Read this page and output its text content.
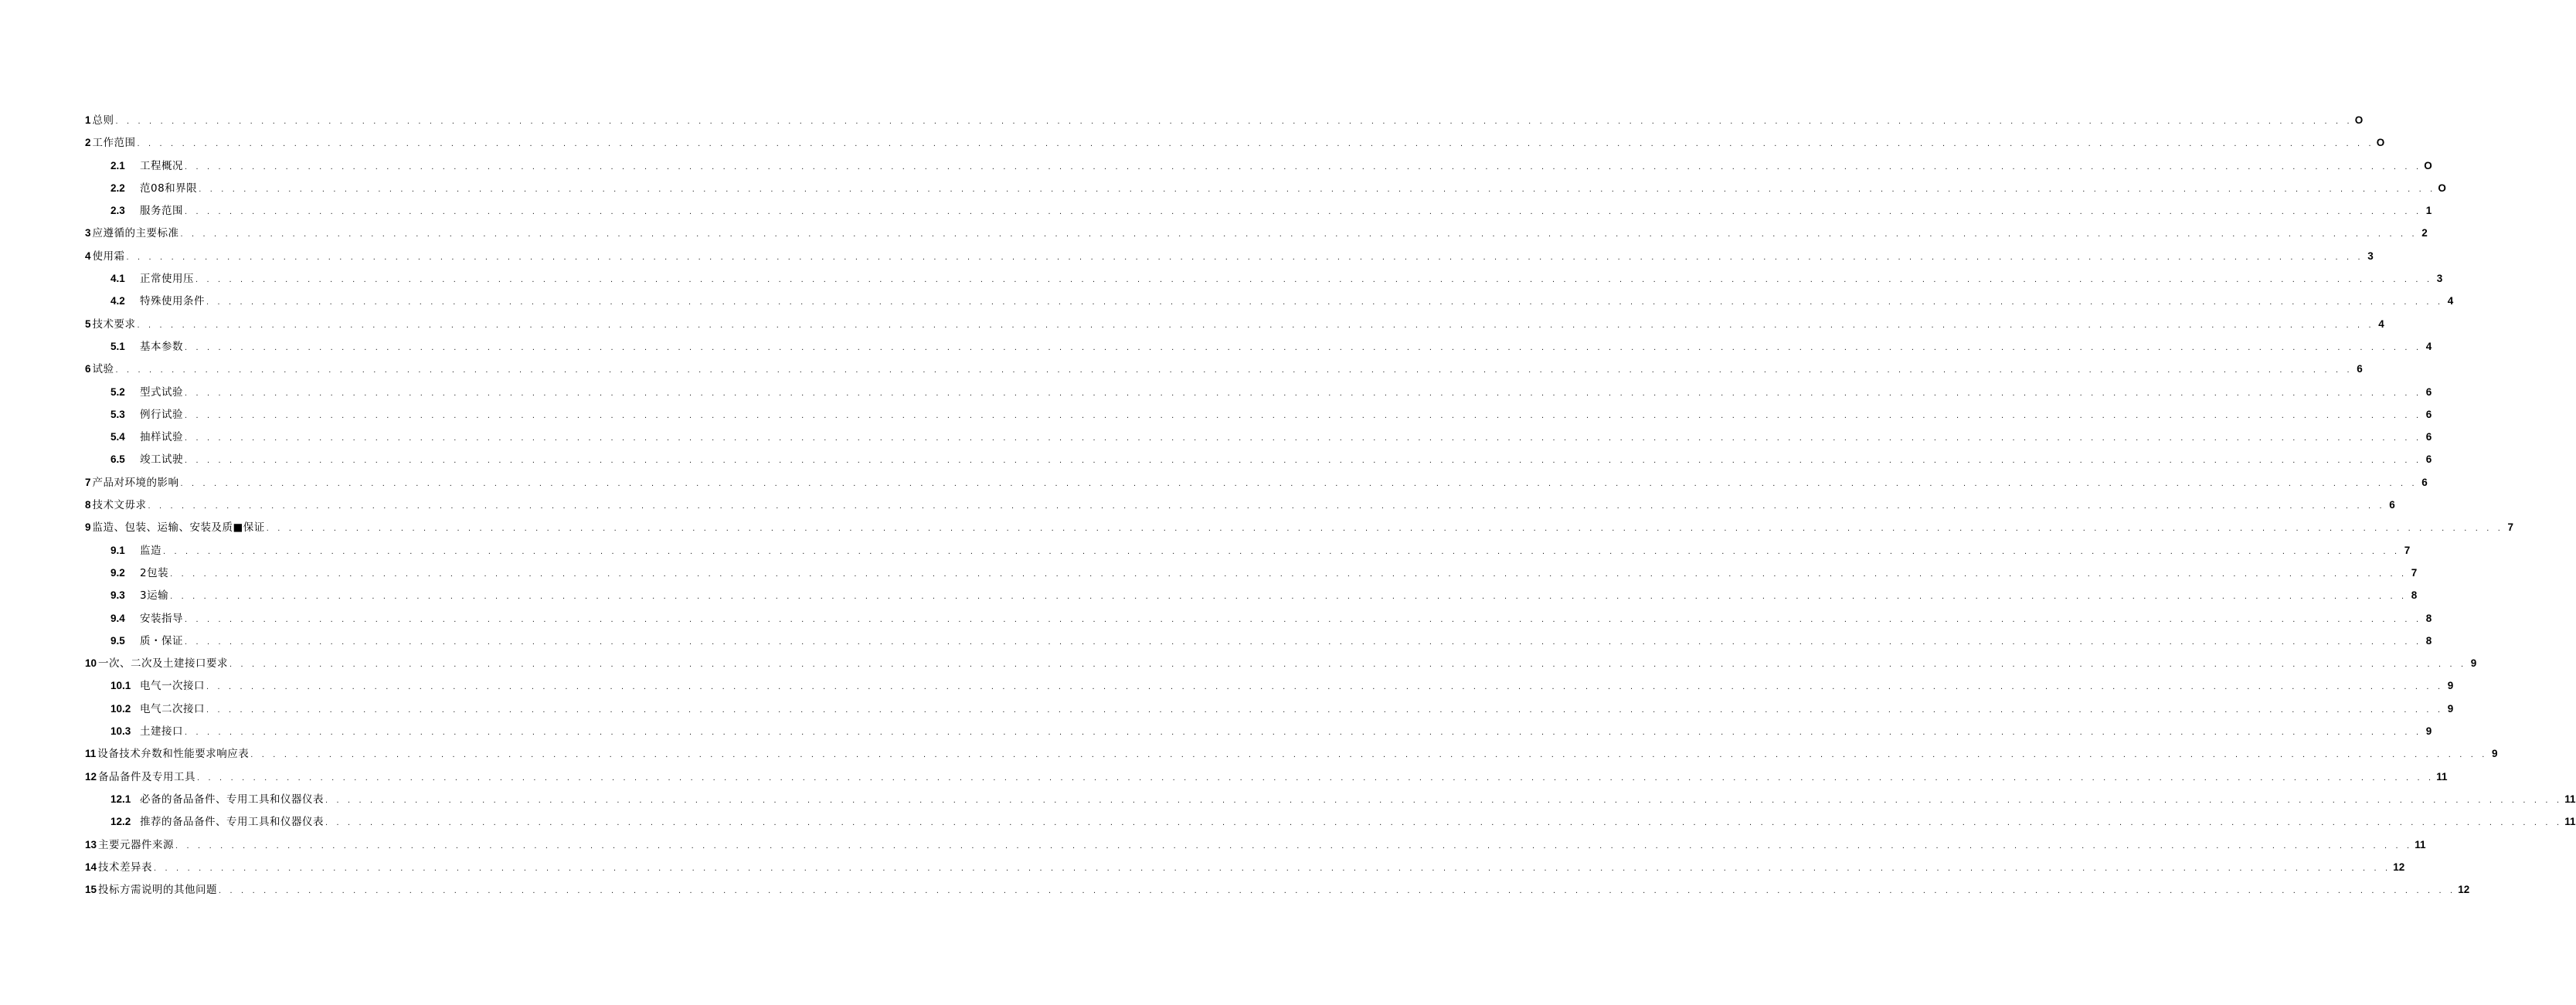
1 总则 . . . . . . . . . . . . . . . . . . . . . . . . . . . . . . . . . . . . . . . . . . . . . . . . . . . . . . . . . . . . . . . . . . . . . . . . . . . . . . . . . . . . . . . . . . . . . . . . . . . . . . . . . . . . . . . . . . . . . . . . . . . . . . . . . . . . . . . . . . . . . . . . . . . . . . . . . . . . . . . . . . . . . . . . . . . . . . . . . . . . . . . . . . . . . . . . . . . . . . . . O
2 工作范围 . . . . . . . . . . . . . . . . . . . . . . . . . . . . . . . . . . . . . . . . . . . . . . . . . . . . . . . . . . . . . . . . . . . . . . . . . . . . . . . . . . . . . . . . . . . . . . . . . . . . . . . . . . . . . . . . . . . . . . . . . . . . . . . . . . . . . . . . . . . . . . . . . . . . . . . . . . . . . . . . . . . . . . . . . . . . . . . . . . . . . . . . . . . . . . . . . . . . . . . . O
2.1	工程概况 . . . . . . . . . . . . . . . . . . . . . . . . . . . . . . . . . . . . . . . . . . . . . . . . . . . . . . . . . . . . . . . . . . . . . . . . . . . . . . . . . . . . . . . . . . . . . . . . . . . . . . . . . . . . . . . . . . . . . . . . . . . . . . . . . . . . . . . . . . . . . . . . . . . . . . . . . . . . . . . . . . . . . . . . . . . . . . . . . . . . . . . . . . . . . . . . . . . . . . . . O
2.2	范08和界限 . . . . . . . . . . . . . . . . . . . . . . . . . . . . . . . . . . . . . . . . . . . . . . . . . . . . . . . . . . . . . . . . . . . . . . . . . . . . . . . . . . . . . . . . . . . . . . . . . . . . . . . . . . . . . . . . . . . . . . . . . . . . . . . . . . . . . . . . . . . . . . . . . . . . . . . . . . . . . . . . . . . . . . . . . . . . . . . . . . . . . . . . . . . . . . . . . . . . . . . . O
2.3	服务范围 . . . . . . . . . . . . . . . . . . . . . . . . . . . . . . . . . . . . . . . . . . . . . . . . . . . . . . . . . . . . . . . . . . . . . . . . . . . . . . . . . . . . . . . . . . . . . . . . . . . . . . . . . . . . . . . . . . . . . . . . . . . . . . . . . . . . . . . . . . . . . . . . . . . . . . . . . . . . . . . . . . . . . . . . . . . . . . . . . . . . . . . . . . . . . . . . . . . . . . . . 1
3 应遵循的主要标准 . . . . . . . . . . . . . . . . . . . . . . . . . . . . . . . . . . . . . . . . . . . . . . . . . . . . . . . . . . . . . . . . . . . . . . . . . . . . . . . . . . . . . . . . . . . . . . . . . . . . . . . . . . . . . . . . . . . . . . . . . . . . . . . . . . . . . . . . . . . . . . . . . . . . . . . . . . . . . . . . . . . . . . . . . . . . . . . . . . . . . . . . . . . . . . . . . . . . . . . . 2
4 使用霜 . . . . . . . . . . . . . . . . . . . . . . . . . . . . . . . . . . . . . . . . . . . . . . . . . . . . . . . . . . . . . . . . . . . . . . . . . . . . . . . . . . . . . . . . . . . . . . . . . . . . . . . . . . . . . . . . . . . . . . . . . . . . . . . . . . . . . . . . . . . . . . . . . . . . . . . . . . . . . . . . . . . . . . . . . . . . . . . . . . . . . . . . . . . . . . . . . . . . . . . . 3
4.1	正常使用压 . . . . . . . . . . . . . . . . . . . . . . . . . . . . . . . . . . . . . . . . . . . . . . . . . . . . . . . . . . . . . . . . . . . . . . . . . . . . . . . . . . . . . . . . . . . . . . . . . . . . . . . . . . . . . . . . . . . . . . . . . . . . . . . . . . . . . . . . . . . . . . . . . . . . . . . . . . . . . . . . . . . . . . . . . . . . . . . . . . . . . . . . . . . . . . . . . . . . . . . . 3
4.2	特殊使用条件 . . . . . . . . . . . . . . . . . . . . . . . . . . . . . . . . . . . . . . . . . . . . . . . . . . . . . . . . . . . . . . . . . . . . . . . . . . . . . . . . . . . . . . . . . . . . . . . . . . . . . . . . . . . . . . . . . . . . . . . . . . . . . . . . . . . . . . . . . . . . . . . . . . . . . . . . . . . . . . . . . . . . . . . . . . . . . . . . . . . . . . . . . . . . . . . . . . . . . . . . 4
5 技术要求 . . . . . . . . . . . . . . . . . . . . . . . . . . . . . . . . . . . . . . . . . . . . . . . . . . . . . . . . . . . . . . . . . . . . . . . . . . . . . . . . . . . . . . . . . . . . . . . . . . . . . . . . . . . . . . . . . . . . . . . . . . . . . . . . . . . . . . . . . . . . . . . . . . . . . . . . . . . . . . . . . . . . . . . . . . . . . . . . . . . . . . . . . . . . . . . . . . . . . . . . 4
5.1	基本参数 . . . . . . . . . . . . . . . . . . . . . . . . . . . . . . . . . . . . . . . . . . . . . . . . . . . . . . . . . . . . . . . . . . . . . . . . . . . . . . . . . . . . . . . . . . . . . . . . . . . . . . . . . . . . . . . . . . . . . . . . . . . . . . . . . . . . . . . . . . . . . . . . . . . . . . . . . . . . . . . . . . . . . . . . . . . . . . . . . . . . . . . . . . . . . . . . . . . . . . . . 4
6 试验 . . . . . . . . . . . . . . . . . . . . . . . . . . . . . . . . . . . . . . . . . . . . . . . . . . . . . . . . . . . . . . . . . . . . . . . . . . . . . . . . . . . . . . . . . . . . . . . . . . . . . . . . . . . . . . . . . . . . . . . . . . . . . . . . . . . . . . . . . . . . . . . . . . . . . . . . . . . . . . . . . . . . . . . . . . . . . . . . . . . . . . . . . . . . . . . . . . . . . . . . 6
5.2	型式试验 . . . . . . . . . . . . . . . . . . . . . . . . . . . . . . . . . . . . . . . . . . . . . . . . . . . . . . . . . . . . . . . . . . . . . . . . . . . . . . . . . . . . . . . . . . . . . . . . . . . . . . . . . . . . . . . . . . . . . . . . . . . . . . . . . . . . . . . . . . . . . . . . . . . . . . . . . . . . . . . . . . . . . . . . . . . . . . . . . . . . . . . . . . . . . . . . . . . . . . . . 6
5.3	例行试验 . . . . . . . . . . . . . . . . . . . . . . . . . . . . . . . . . . . . . . . . . . . . . . . . . . . . . . . . . . . . . . . . . . . . . . . . . . . . . . . . . . . . . . . . . . . . . . . . . . . . . . . . . . . . . . . . . . . . . . . . . . . . . . . . . . . . . . . . . . . . . . . . . . . . . . . . . . . . . . . . . . . . . . . . . . . . . . . . . . . . . . . . . . . . . . . . . . . . . . . . 6
5.4	抽样试验 . . . . . . . . . . . . . . . . . . . . . . . . . . . . . . . . . . . . . . . . . . . . . . . . . . . . . . . . . . . . . . . . . . . . . . . . . . . . . . . . . . . . . . . . . . . . . . . . . . . . . . . . . . . . . . . . . . . . . . . . . . . . . . . . . . . . . . . . . . . . . . . . . . . . . . . . . . . . . . . . . . . . . . . . . . . . . . . . . . . . . . . . . . . . . . . . . . . . . . . . 6
6.5	竣工试驶 . . . . . . . . . . . . . . . . . . . . . . . . . . . . . . . . . . . . . . . . . . . . . . . . . . . . . . . . . . . . . . . . . . . . . . . . . . . . . . . . . . . . . . . . . . . . . . . . . . . . . . . . . . . . . . . . . . . . . . . . . . . . . . . . . . . . . . . . . . . . . . . . . . . . . . . . . . . . . . . . . . . . . . . . . . . . . . . . . . . . . . . . . . . . . . . . . . . . . . . . 6
7 产品对环境的影响 . . . . . . . . . . . . . . . . . . . . . . . . . . . . . . . . . . . . . . . . . . . . . . . . . . . . . . . . . . . . . . . . . . . . . . . . . . . . . . . . . . . . . . . . . . . . . . . . . . . . . . . . . . . . . . . . . . . . . . . . . . . . . . . . . . . . . . . . . . . . . . . . . . . . . . . . . . . . . . . . . . . . . . . . . . . . . . . . . . . . . . . . . . . . . . . . . . . . . . . . 6
8 技术文毋求 . . . . . . . . . . . . . . . . . . . . . . . . . . . . . . . . . . . . . . . . . . . . . . . . . . . . . . . . . . . . . . . . . . . . . . . . . . . . . . . . . . . . . . . . . . . . . . . . . . . . . . . . . . . . . . . . . . . . . . . . . . . . . . . . . . . . . . . . . . . . . . . . . . . . . . . . . . . . . . . . . . . . . . . . . . . . . . . . . . . . . . . . . . . . . . . . . . . . . . . . 6
9 监造、包装、运输、安装及质■保证 . . . . . . . . . . . . . . . . . . . . . . . . . . . . . . . . . . . . . . . . . . . . . . . . . . . . . . . . . . . . . . . . . . . . . . . . . . . . . . . . . . . . . . . . . . . . . . . . . . . . . . . . . . . . . . . . . . . . . . . . . . . . . . . . . . . . . . . . . . . . . . . . . . . . . . . . . . . . . . . . . . . . . . . . . . . . . . . . . . . . . . . . . . . . . . . . . . . . . . . . 7
9.1	监造 . . . . . . . . . . . . . . . . . . . . . . . . . . . . . . . . . . . . . . . . . . . . . . . . . . . . . . . . . . . . . . . . . . . . . . . . . . . . . . . . . . . . . . . . . . . . . . . . . . . . . . . . . . . . . . . . . . . . . . . . . . . . . . . . . . . . . . . . . . . . . . . . . . . . . . . . . . . . . . . . . . . . . . . . . . . . . . . . . . . . . . . . . . . . . . . . . . . . . . . . 7
9.2	2包装 . . . . . . . . . . . . . . . . . . . . . . . . . . . . . . . . . . . . . . . . . . . . . . . . . . . . . . . . . . . . . . . . . . . . . . . . . . . . . . . . . . . . . . . . . . . . . . . . . . . . . . . . . . . . . . . . . . . . . . . . . . . . . . . . . . . . . . . . . . . . . . . . . . . . . . . . . . . . . . . . . . . . . . . . . . . . . . . . . . . . . . . . . . . . . . . . . . . . . . . . 7
9.3	3运输 . . . . . . . . . . . . . . . . . . . . . . . . . . . . . . . . . . . . . . . . . . . . . . . . . . . . . . . . . . . . . . . . . . . . . . . . . . . . . . . . . . . . . . . . . . . . . . . . . . . . . . . . . . . . . . . . . . . . . . . . . . . . . . . . . . . . . . . . . . . . . . . . . . . . . . . . . . . . . . . . . . . . . . . . . . . . . . . . . . . . . . . . . . . . . . . . . . . . . . . . 8
9.4	安装指导 . . . . . . . . . . . . . . . . . . . . . . . . . . . . . . . . . . . . . . . . . . . . . . . . . . . . . . . . . . . . . . . . . . . . . . . . . . . . . . . . . . . . . . . . . . . . . . . . . . . . . . . . . . . . . . . . . . . . . . . . . . . . . . . . . . . . . . . . . . . . . . . . . . . . . . . . . . . . . . . . . . . . . . . . . . . . . . . . . . . . . . . . . . . . . . . . . . . . . . . . 8
9.5	质・保证 . . . . . . . . . . . . . . . . . . . . . . . . . . . . . . . . . . . . . . . . . . . . . . . . . . . . . . . . . . . . . . . . . . . . . . . . . . . . . . . . . . . . . . . . . . . . . . . . . . . . . . . . . . . . . . . . . . . . . . . . . . . . . . . . . . . . . . . . . . . . . . . . . . . . . . . . . . . . . . . . . . . . . . . . . . . . . . . . . . . . . . . . . . . . . . . . . . . . . . . . 8
10 一次、二次及土建接口要求 . . . . . . . . . . . . . . . . . . . . . . . . . . . . . . . . . . . . . . . . . . . . . . . . . . . . . . . . . . . . . . . . . . . . . . . . . . . . . . . . . . . . . . . . . . . . . . . . . . . . . . . . . . . . . . . . . . . . . . . . . . . . . . . . . . . . . . . . . . . . . . . . . . . . . . . . . . . . . . . . . . . . . . . . . . . . . . . . . . . . . . . . . . . . . . . . . . . . . . . . 9
10.1 电气一次接口 . . . . . . . . . . . . . . . . . . . . . . . . . . . . . . . . . . . . . . . . . . . . . . . . . . . . . . . . . . . . . . . . . . . . . . . . . . . . . . . . . . . . . . . . . . . . . . . . . . . . . . . . . . . . . . . . . . . . . . . . . . . . . . . . . . . . . . . . . . . . . . . . . . . . . . . . . . . . . . . . . . . . . . . . . . . . . . . . . . . . . . . . . . . . . . . . . . . . . . . . 9
10.2 电气二次接口 . . . . . . . . . . . . . . . . . . . . . . . . . . . . . . . . . . . . . . . . . . . . . . . . . . . . . . . . . . . . . . . . . . . . . . . . . . . . . . . . . . . . . . . . . . . . . . . . . . . . . . . . . . . . . . . . . . . . . . . . . . . . . . . . . . . . . . . . . . . . . . . . . . . . . . . . . . . . . . . . . . . . . . . . . . . . . . . . . . . . . . . . . . . . . . . . . . . . . . . . 9
10.3 土建接口 . . . . . . . . . . . . . . . . . . . . . . . . . . . . . . . . . . . . . . . . . . . . . . . . . . . . . . . . . . . . . . . . . . . . . . . . . . . . . . . . . . . . . . . . . . . . . . . . . . . . . . . . . . . . . . . . . . . . . . . . . . . . . . . . . . . . . . . . . . . . . . . . . . . . . . . . . . . . . . . . . . . . . . . . . . . . . . . . . . . . . . . . . . . . . . . . . . . . . . . . 9
11 设备技术弁数和性能要求响应表 . . . . . . . . . . . . . . . . . . . . . . . . . . . . . . . . . . . . . . . . . . . . . . . . . . . . . . . . . . . . . . . . . . . . . . . . . . . . . . . . . . . . . . . . . . . . . . . . . . . . . . . . . . . . . . . . . . . . . . . . . . . . . . . . . . . . . . . . . . . . . . . . . . . . . . . . . . . . . . . . . . . . . . . . . . . . . . . . . . . . . . . . . . . . . . . . . . . . . . . . 9
12 备品备件及专用工具 . . . . . . . . . . . . . . . . . . . . . . . . . . . . . . . . . . . . . . . . . . . . . . . . . . . . . . . . . . . . . . . . . . . . . . . . . . . . . . . . . . . . . . . . . . . . . . . . . . . . . . . . . . . . . . . . . . . . . . . . . . . . . . . . . . . . . . . . . . . . . . . . . . . . . . . . . . . . . . . . . . . . . . . . . . . . . . . . . . . . . . . . . . . . . . . . . . . . . . . . 11
12.1 必备的备品备件、专用工具和仪器仪表 . . . . . . . . . . . . . . . . . . . . . . . . . . . . . . . . . . . . . . . . . . . . . . . . . . . . . . . . . . . . . . . . . . . . . . . . . . . . . . . . . . . . . . . . . . . . . . . . . . . . . . . . . . . . . . . . . . . . . . . . . . . . . . . . . . . . . . . . . . . . . . . . . . . . . . . . . . . . . . . . . . . . . . . . . . . . . . . . . . . . . . . . . . . . . . . . . . . . . . . . 11
12.2 推荐的备品备件、专用工具和仪器仪表 . . . . . . . . . . . . . . . . . . . . . . . . . . . . . . . . . . . . . . . . . . . . . . . . . . . . . . . . . . . . . . . . . . . . . . . . . . . . . . . . . . . . . . . . . . . . . . . . . . . . . . . . . . . . . . . . . . . . . . . . . . . . . . . . . . . . . . . . . . . . . . . . . . . . . . . . . . . . . . . . . . . . . . . . . . . . . . . . . . . . . . . . . . . . . . . . . . . . . . . . 11
13 主要元器件来源 . . . . . . . . . . . . . . . . . . . . . . . . . . . . . . . . . . . . . . . . . . . . . . . . . . . . . . . . . . . . . . . . . . . . . . . . . . . . . . . . . . . . . . . . . . . . . . . . . . . . . . . . . . . . . . . . . . . . . . . . . . . . . . . . . . . . . . . . . . . . . . . . . . . . . . . . . . . . . . . . . . . . . . . . . . . . . . . . . . . . . . . . . . . . . . . . . . . . . . . . 11
14 技术差异表 . . . . . . . . . . . . . . . . . . . . . . . . . . . . . . . . . . . . . . . . . . . . . . . . . . . . . . . . . . . . . . . . . . . . . . . . . . . . . . . . . . . . . . . . . . . . . . . . . . . . . . . . . . . . . . . . . . . . . . . . . . . . . . . . . . . . . . . . . . . . . . . . . . . . . . . . . . . . . . . . . . . . . . . . . . . . . . . . . . . . . . . . . . . . . . . . . . . . . . . . 12
15 投标方需说明的其他问题 . . . . . . . . . . . . . . . . . . . . . . . . . . . . . . . . . . . . . . . . . . . . . . . . . . . . . . . . . . . . . . . . . . . . . . . . . . . . . . . . . . . . . . . . . . . . . . . . . . . . . . . . . . . . . . . . . . . . . . . . . . . . . . . . . . . . . . . . . . . . . . . . . . . . . . . . . . . . . . . . . . . . . . . . . . . . . . . . . . . . . . . . . . . . . . . . . . . . . . . . 12
